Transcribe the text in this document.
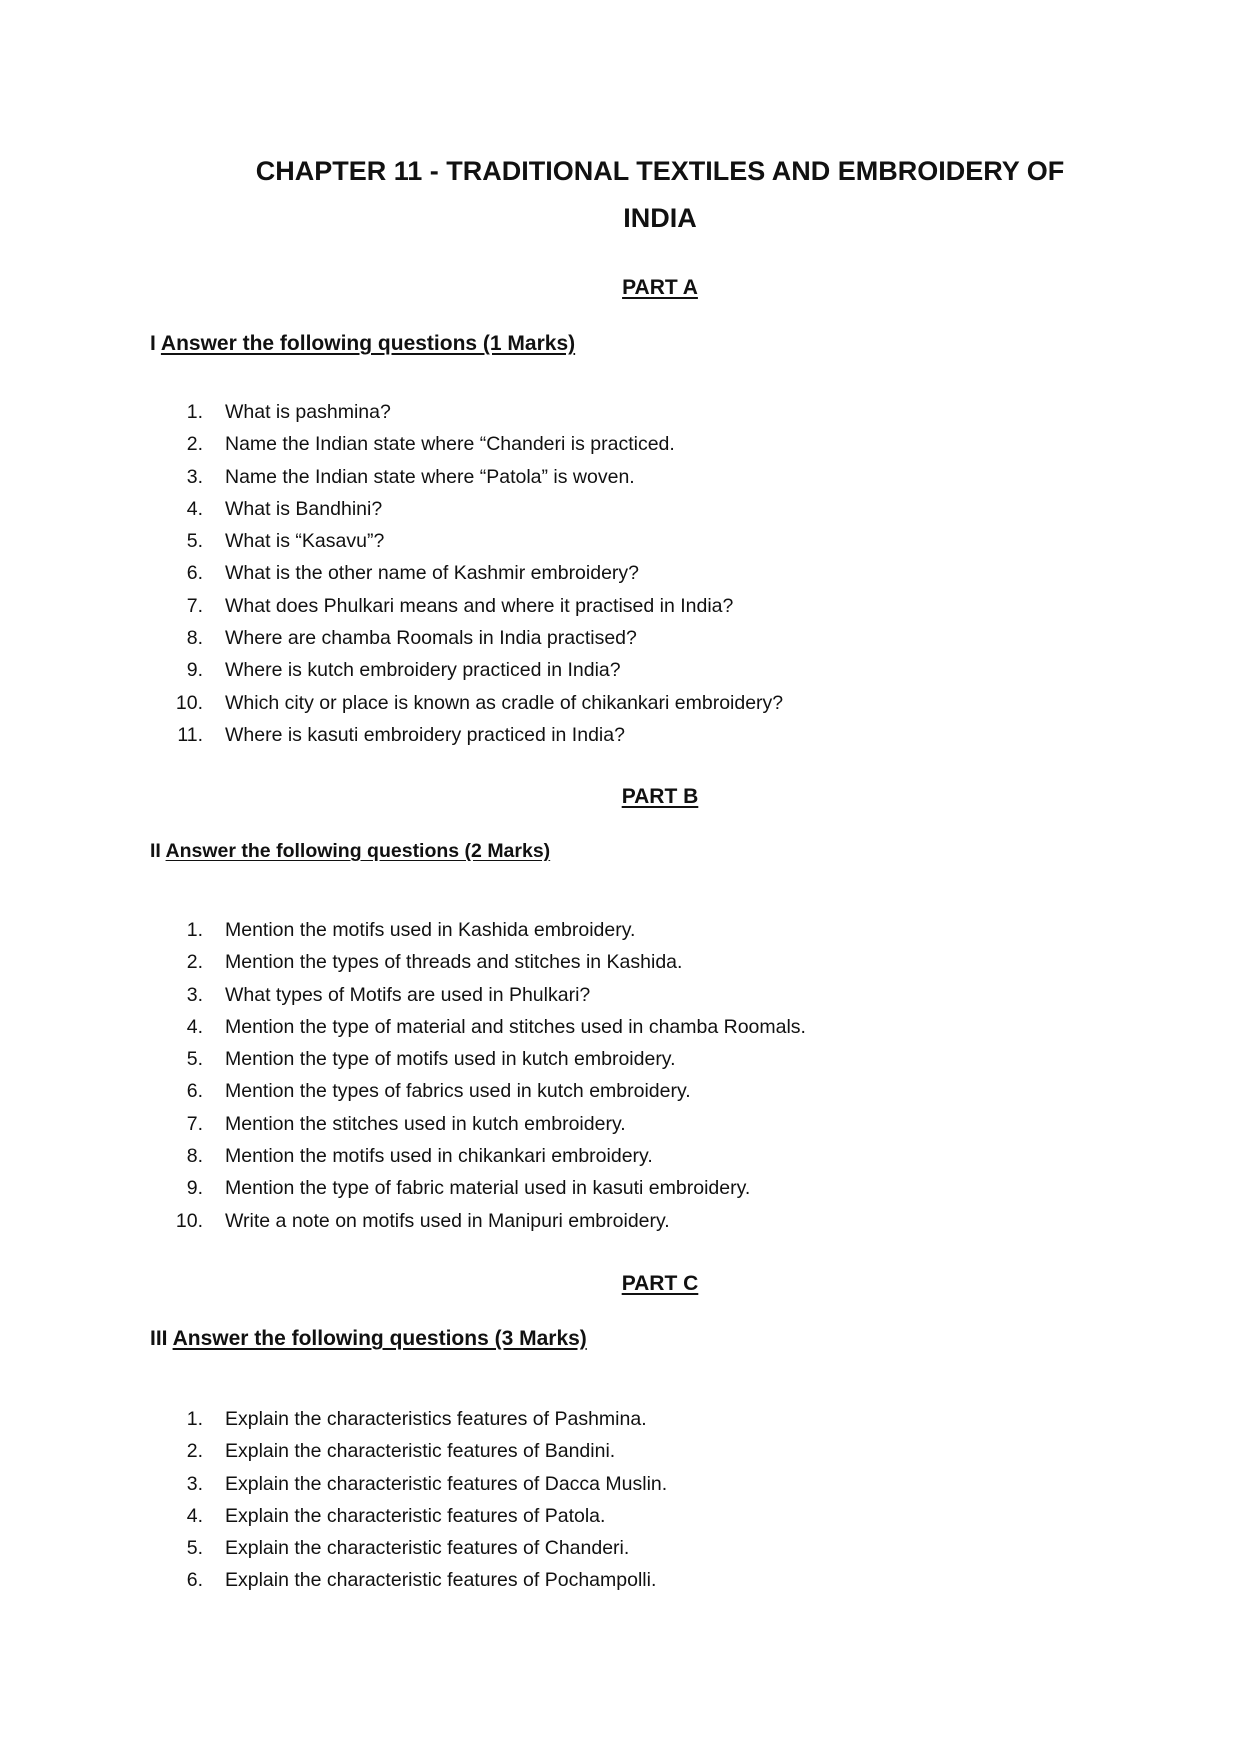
CHAPTER 11 - TRADITIONAL TEXTILES AND EMBROIDERY OF
INDIA
PART A
I Answer the following questions (1 Marks)
1. What is pashmina?
2. Name the Indian state where “Chanderi is practiced.
3. Name the Indian state where “Patola” is woven.
4. What is Bandhini?
5. What is “Kasavu”?
6. What is the other name of Kashmir embroidery?
7. What does Phulkari means and where it practised in India?
8. Where are chamba Roomals in India practised?
9. Where is kutch embroidery practiced in India?
10. Which city or place is known as cradle of chikankari embroidery?
11. Where is kasuti embroidery practiced in India?
PART B
II Answer the following questions (2 Marks)
1. Mention the motifs used in Kashida embroidery.
2. Mention the types of threads and stitches in Kashida.
3. What types of Motifs are used in Phulkari?
4. Mention the type of material and stitches used in chamba Roomals.
5. Mention the type of motifs used in kutch embroidery.
6. Mention the types of fabrics used in kutch embroidery.
7. Mention the stitches used in kutch embroidery.
8. Mention the motifs used in chikankari embroidery.
9. Mention the type of fabric material used in kasuti embroidery.
10. Write a note on motifs used in Manipuri embroidery.
PART C
III Answer the following questions (3 Marks)
1. Explain the characteristics features of Pashmina.
2. Explain the characteristic features of Bandini.
3. Explain the characteristic features of Dacca Muslin.
4. Explain the characteristic features of Patola.
5. Explain the characteristic features of Chanderi.
6. Explain the characteristic features of Pochampolli.
